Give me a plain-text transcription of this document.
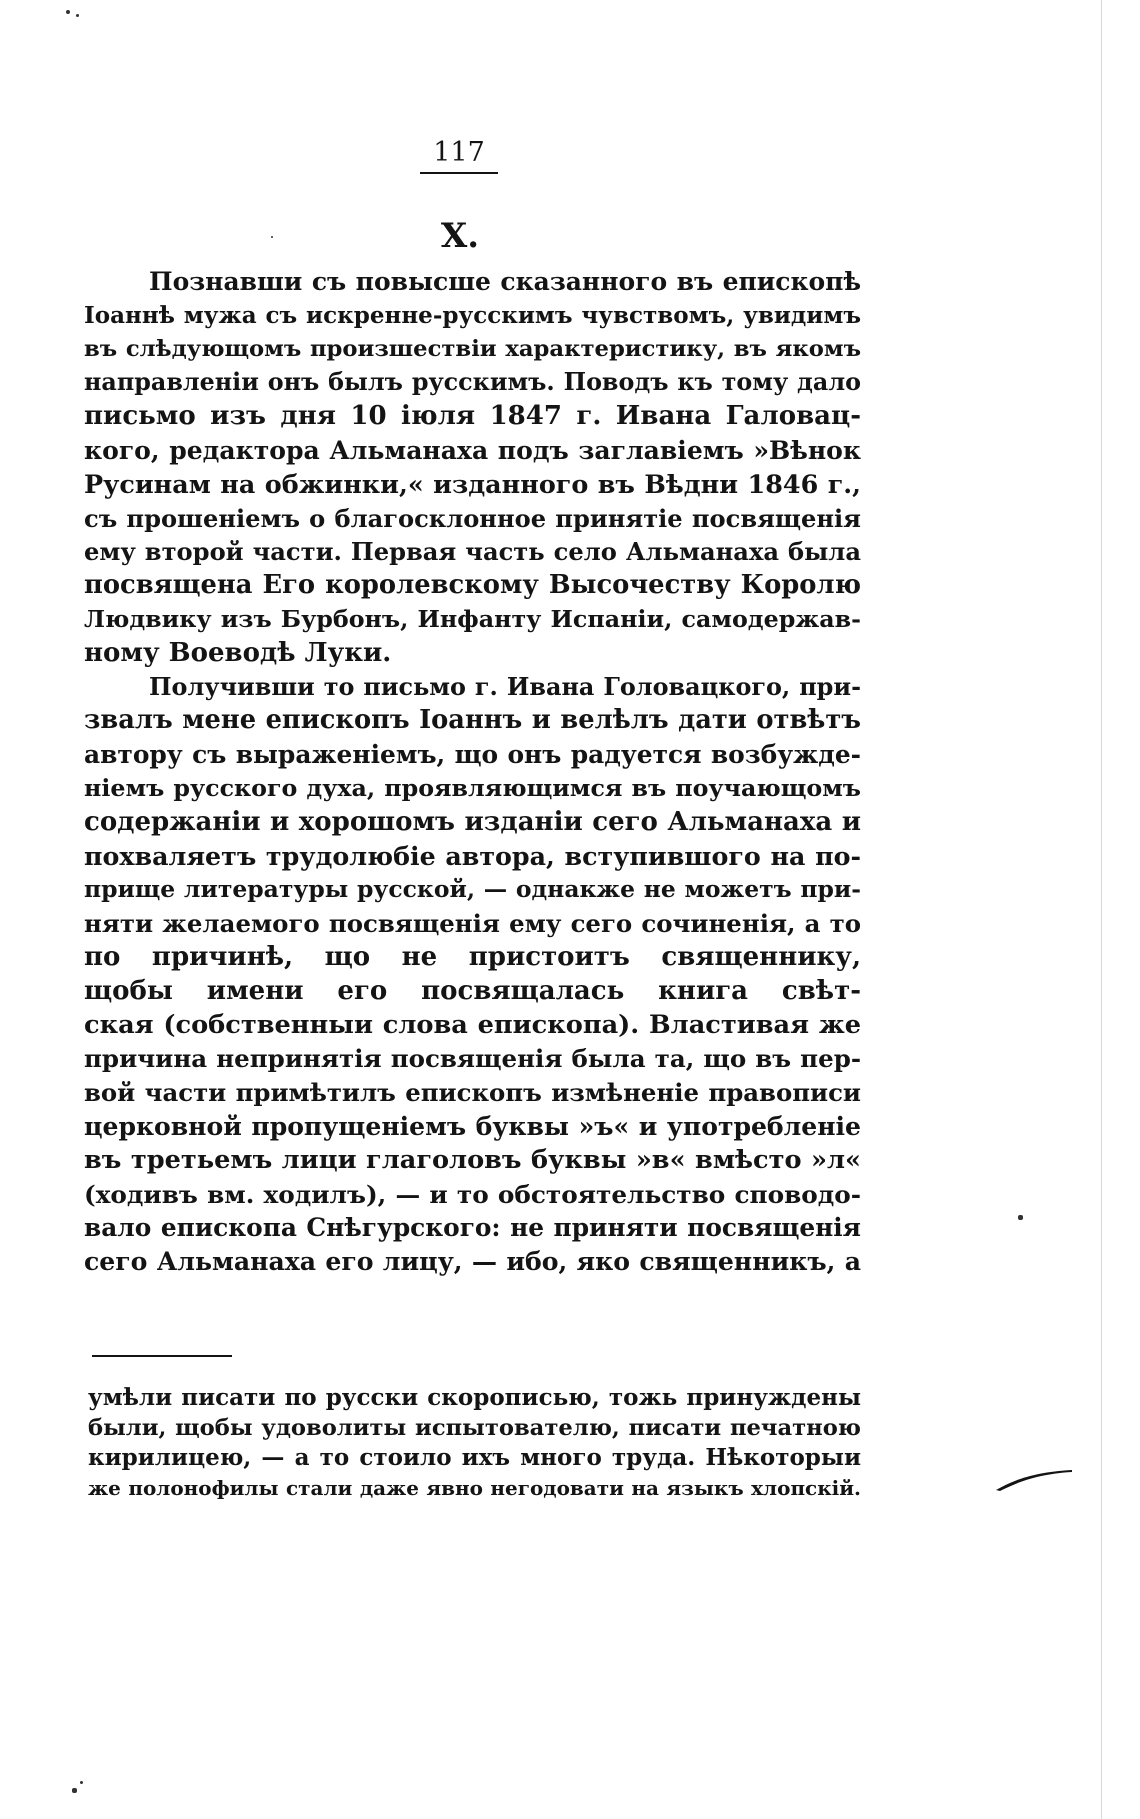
117
X.
Познавши съ повысше сказанного въ епископѣ
Іоаннѣ мужа съ искренне-русскимъ чувствомъ, увидимъ
въ слѣдующомъ произшествіи характеристику, въ якомъ
направленіи онъ былъ русскимъ. Поводъ къ тому дало
письмо изъ дня 10 іюля 1847 г. Ивана Галовац-
кого, редактора Альманаха подъ заглавіемъ »Вѣнок
Русинам на обжинки,« изданного въ Вѣдни 1846 г.,
съ прошеніемъ о благосклонное принятіе посвященія
ему второй части. Первая часть село Альманаха была
посвящена Его королевскому Высочеству Королю
Людвику изъ Бурбонъ, Инфанту Испаніи, самодержав-
ному Воеводѣ Луки.
Получивши то письмо г. Ивана Головацкого, при-
звалъ мене епископъ Іоаннъ и велѣлъ дати отвѣтъ
автору съ выраженіемъ, що онъ радуется возбужде-
ніемъ русского духа, проявляющимся въ поучающомъ
содержаніи и хорошомъ изданіи сего Альманаха и
похваляетъ трудолюбіе автора, вступившого на по-
прище литературы русской, — однакже не можетъ при-
няти желаемого посвященія ему сего сочиненія, а то
по причинѣ, що не пристоитъ священнику,
щобы имени его посвящалась книга свѣт-
ская (собственныи слова епископа). Властивая же
причина непринятія посвященія была та, що въ пер-
вой части примѣтилъ епископъ измѣненіе правописи
церковной пропущеніемъ буквы »ъ« и употребленіе
въ третьемъ лици глаголовъ буквы »в« вмѣсто »л«
(ходивъ вм. ходилъ), — и то обстоятельство споводо-
вало епископа Снѣгурского: не приняти посвященія
сего Альманаха его лицу, — ибо, яко священникъ, а
умѣли писати по русски скорописью, тожь принуждены
были, щобы удоволиты испытователю, писати печатною
кирилицею, — а то стоило ихъ много труда. Нѣкоторыи
же полонофилы стали даже явно негодовати на языкъ хлопскій.
